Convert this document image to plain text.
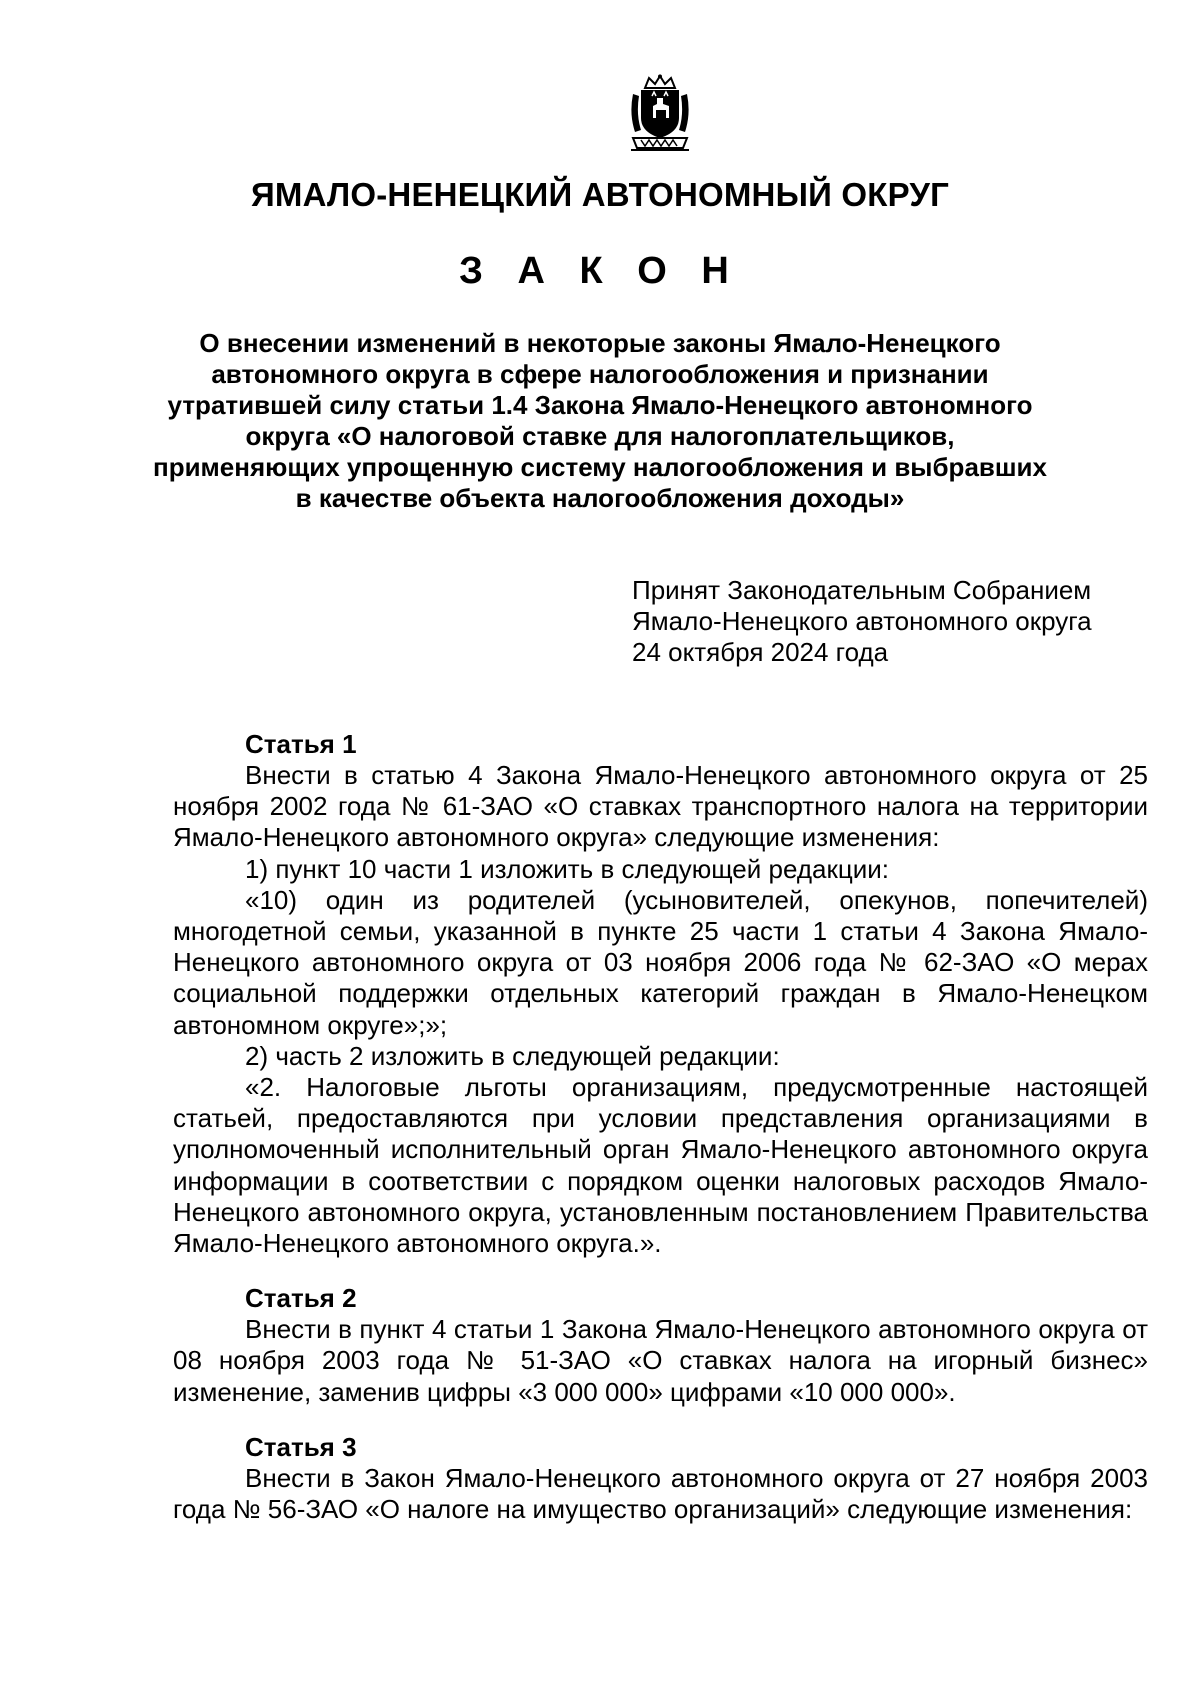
ЯМАЛО-НЕНЕЦКИЙ АВТОНОМНЫЙ ОКРУГ
З А К О Н
О внесении изменений в некоторые законы Ямало-Ненецкого автономного округа в сфере налогообложения и признании утратившей силу статьи 1.4 Закона Ямало-Ненецкого автономного округа «О налоговой ставке для налогоплательщиков, применяющих упрощенную систему налогообложения и выбравших в качестве объекта налогообложения доходы»
Принят Законодательным Собранием
Ямало-Ненецкого автономного округа
24 октября 2024 года
Статья 1

Внести в статью 4 Закона Ямало-Ненецкого автономного округа от 25 ноября 2002 года № 61-ЗАО «О ставках транспортного налога на территории Ямало-Ненецкого автономного округа» следующие изменения:

1) пункт 10 части 1 изложить в следующей редакции:

«10) один из родителей (усыновителей, опекунов, попечителей) многодетной семьи, указанной в пункте 25 части 1 статьи 4 Закона Ямало-Ненецкого автономного округа от 03 ноября 2006 года № 62-ЗАО «О мерах социальной поддержки отдельных категорий граждан в Ямало-Ненецком автономном округе»;»;

2) часть 2 изложить в следующей редакции:

«2. Налоговые льготы организациям, предусмотренные настоящей статьей, предоставляются при условии представления организациями в уполномоченный исполнительный орган Ямало-Ненецкого автономного округа информации в соответствии с порядком оценки налоговых расходов Ямало-Ненецкого автономного округа, установленным постановлением Правительства Ямало-Ненецкого автономного округа.».

Статья 2

Внести в пункт 4 статьи 1 Закона Ямало-Ненецкого автономного округа от 08 ноября 2003 года № 51-ЗАО «О ставках налога на игорный бизнес» изменение, заменив цифры «3 000 000» цифрами «10 000 000».

Статья 3

Внести в Закон Ямало-Ненецкого автономного округа от 27 ноября 2003 года № 56-ЗАО «О налоге на имущество организаций» следующие изменения:
